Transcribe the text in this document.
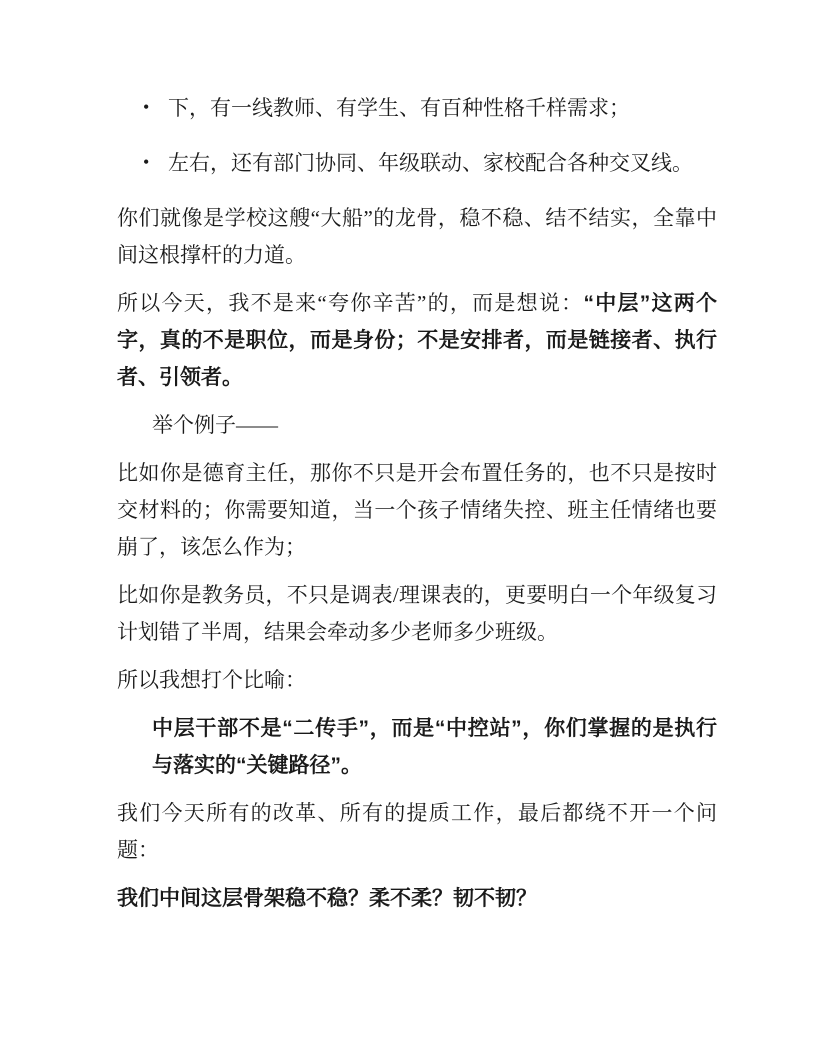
• 下，有一线教师、有学生、有百种性格千样需求；
• 左右，还有部门协同、年级联动、家校配合各种交叉线。

你们就像是学校这艘“大船”的龙骨，稳不稳、结不结实，全靠中间这根撑杆的力道。

所以今天，我不是来“夸你辛苦”的，而是想说：“中层”这两个字，真的不是职位，而是身份；不是安排者，而是链接者、执行者、引领者。

举个例子——

比如你是德育主任，那你不只是开会布置任务的，也不只是按时交材料的；你需要知道，当一个孩子情绪失控、班主任情绪也要崩了，该怎么作为；

比如你是教务员，不只是调表/理课表的，更要明白一个年级复习计划错了半周，结果会牵动多少老师多少班级。

所以我想打个比喻：

中层干部不是“二传手”，而是“中控站”，你们掌握的是执行与落实的“关键路径”。

我们今天所有的改革、所有的提质工作，最后都绕不开一个问题：

我们中间这层骨架稳不稳？柔不柔？韧不韧？
